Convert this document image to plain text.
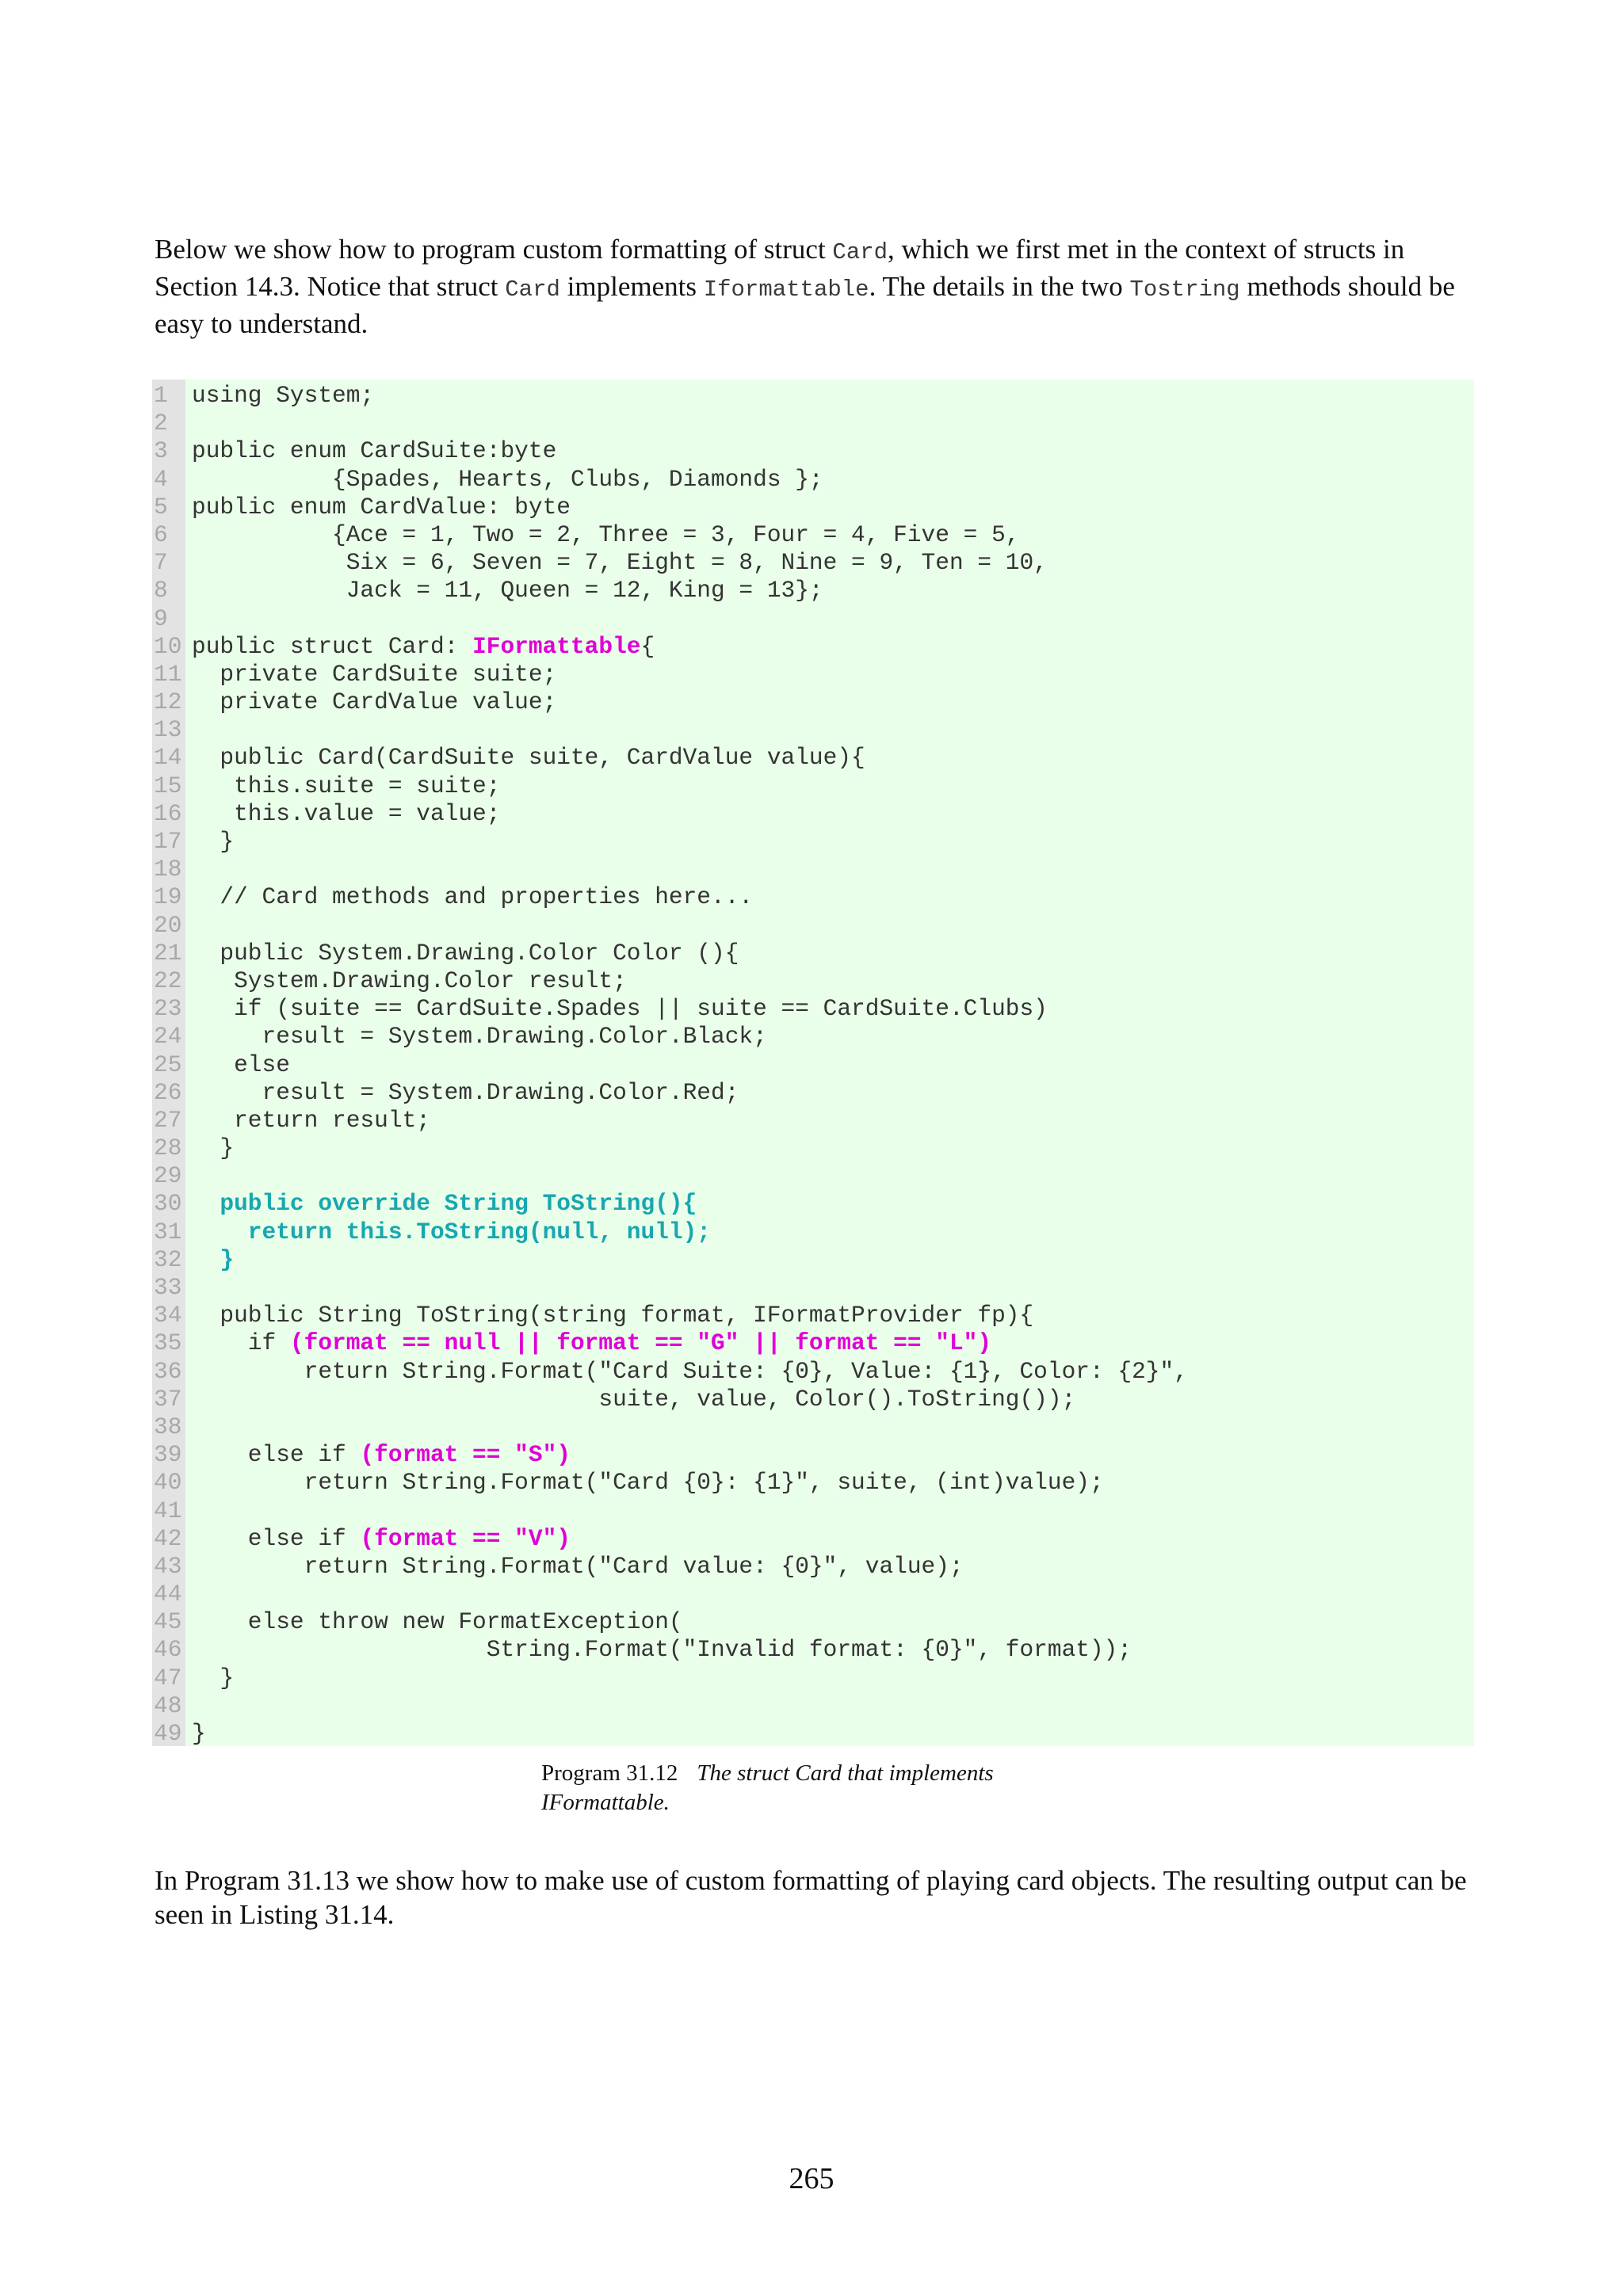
Below we show how to program custom formatting of struct Card, which we first met in the context of structs in Section 14.3. Notice that struct Card implements Iformattable. The details in the two Tostring methods should be easy to understand.

1 using System;
2
3 public enum CardSuite:byte
4 {Spades, Hearts, Clubs, Diamonds };
5 public enum CardValue: byte
6 {Ace = 1, Two = 2, Three = 3, Four = 4, Five = 5,
7 Six = 6, Seven = 7, Eight = 8, Nine = 9, Ten = 10,
8 Jack = 11, Queen = 12, King = 13};
9
10 public struct Card: IFormattable{
11 private CardSuite suite;
12 private CardValue value;
13
14 public Card(CardSuite suite, CardValue value){
15 this.suite = suite;
16 this.value = value;
17 }
18
19 // Card methods and properties here...
20
21 public System.Drawing.Color Color (){
22 System.Drawing.Color result;
23 if (suite == CardSuite.Spades || suite == CardSuite.Clubs)
24 result = System.Drawing.Color.Black;
25 else
26 result = System.Drawing.Color.Red;
27 return result;
28 }
29
30 public override String ToString(){
31 return this.ToString(null, null);
32 }
33
34 public String ToString(string format, IFormatProvider fp){
35 if (format == null || format == "G" || format == "L")
36 return String.Format("Card Suite: {0}, Value: {1}, Color: {2}",
37 suite, value, Color().ToString());
38
39 else if (format == "S")
40 return String.Format("Card {0}: {1}", suite, (int)value);
41
42 else if (format == "V")
43 return String.Format("Card value: {0}", value);
44
45 else throw new FormatException(
46 String.Format("Invalid format: {0}", format));
47 }
48
49 }
Program 31.12 The struct Card that implements IFormattable.

In Program 31.13 we show how to make use of custom formatting of playing card objects. The resulting output can be seen in Listing 31.14.

265
